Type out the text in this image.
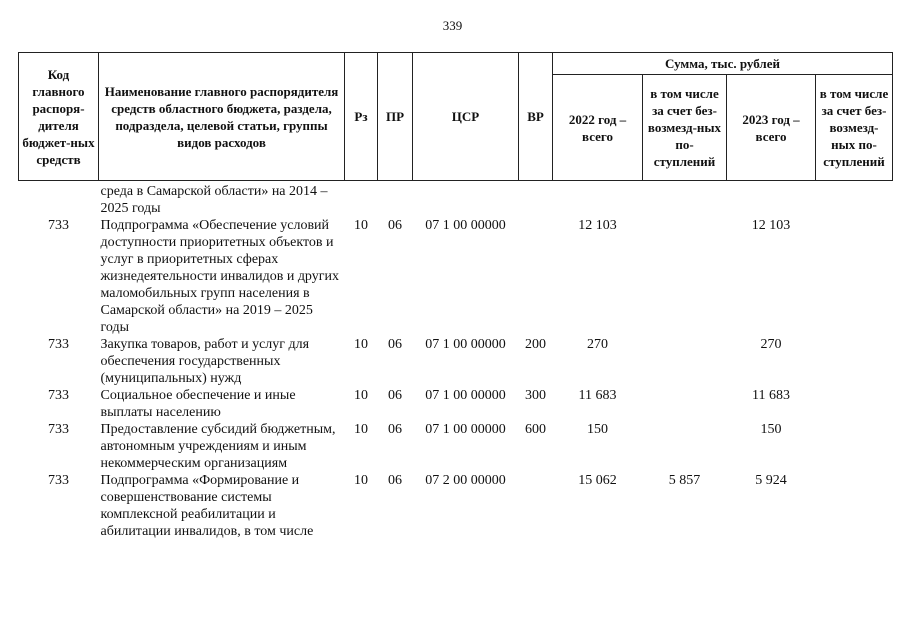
339
Код главного распоря-дителя бюджет-ных средств	Наименование главного распорядителя средств областного бюджета, раздела, подраздела, целевой статьи, группы видов расходов	Рз	ПР	ЦСР	ВР	Сумма, тыс. рублей			
						2022 год – всего	в том числе за счет без-возмезд-ных по-ступлений	2023 год – всего	в том числе за счет без-возмезд-ных по-ступлений
	среда в Самарской области» на 2014 – 2025 годы								
733	Подпрограмма «Обеспечение условий доступности приоритетных объектов и услуг в приоритетных сферах жизнедеятельности инвалидов и других маломобильных групп населения в Самарской области» на 2019 – 2025 годы	10	06	07 1 00 00000		12 103		12 103	
733	Закупка товаров, работ и услуг для обеспечения государственных (муниципальных) нужд	10	06	07 1 00 00000	200	270		270	
733	Социальное обеспечение и иные выплаты населению	10	06	07 1 00 00000	300	11 683		11 683	
733	Предоставление субсидий бюджетным, автономным учреждениям и иным некоммерческим организациям	10	06	07 1 00 00000	600	150		150	
733	Подпрограмма «Формирование и совершенствование системы комплексной реабилитации и абилитации инвалидов, в том числе	10	06	07 2 00 00000		15 062	5 857	5 924	
